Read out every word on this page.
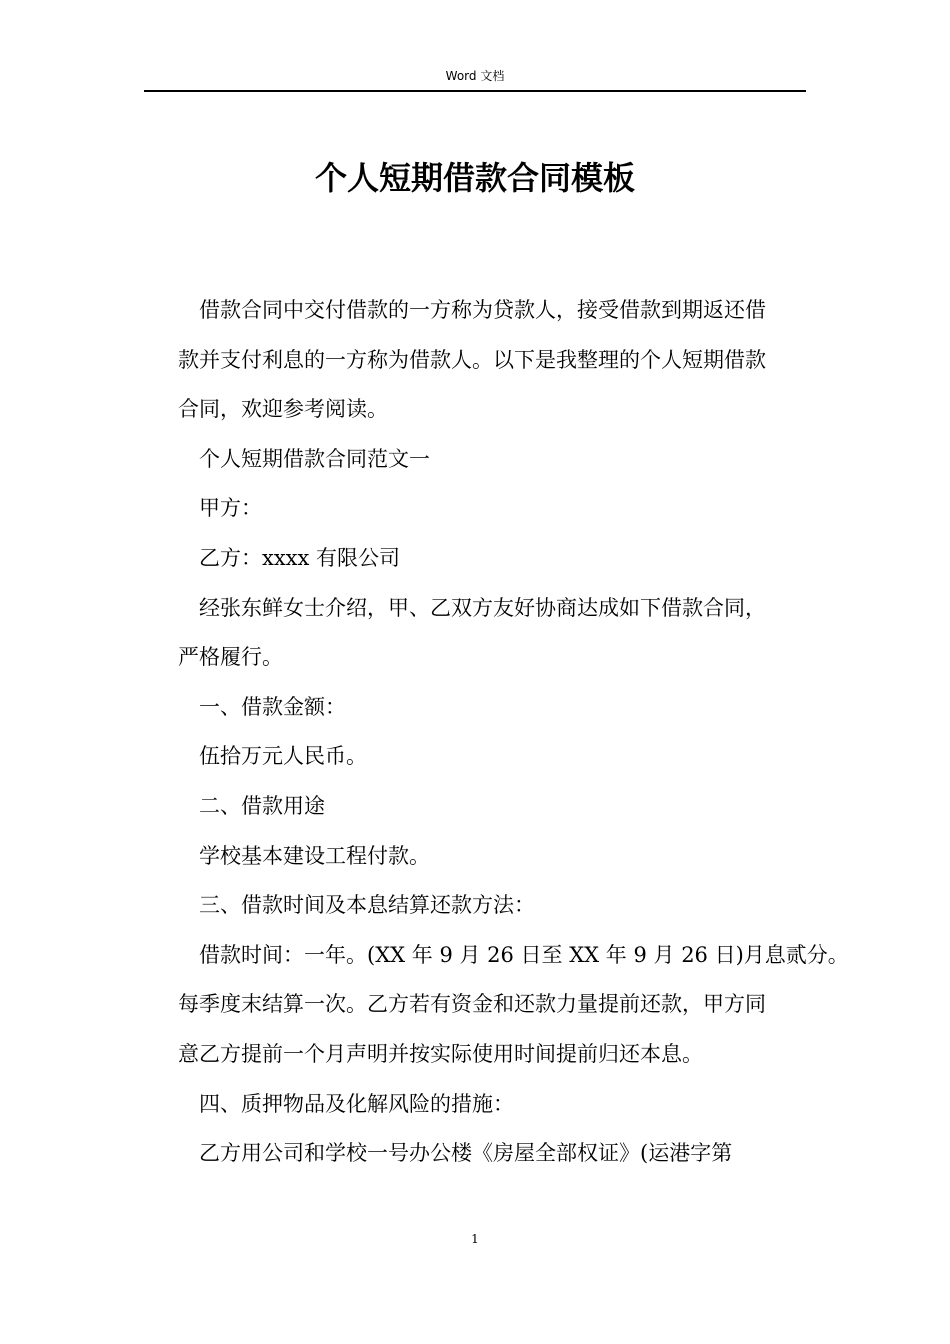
Word 文档
个人短期借款合同模板

借款合同中交付借款的一方称为贷款人，接受借款到期返还借

款并支付利息的一方称为借款人。以下是我整理的个人短期借款

合同，欢迎参考阅读。

个人短期借款合同范文一

甲方：

乙方：xxxx 有限公司

经张东鲜女士介绍，甲、乙双方友好协商达成如下借款合同，

严格履行。

一、借款金额：

伍拾万元人民币。

二、借款用途

学校基本建设工程付款。

三、借款时间及本息结算还款方法：

借款时间：一年。(XX 年 9 月 26 日至 XX 年 9 月 26 日)月息贰分。

每季度末结算一次。乙方若有资金和还款力量提前还款，甲方同

意乙方提前一个月声明并按实际使用时间提前归还本息。

四、质押物品及化解风险的措施：

乙方用公司和学校一号办公楼《房屋全部权证》(运港字第

1
